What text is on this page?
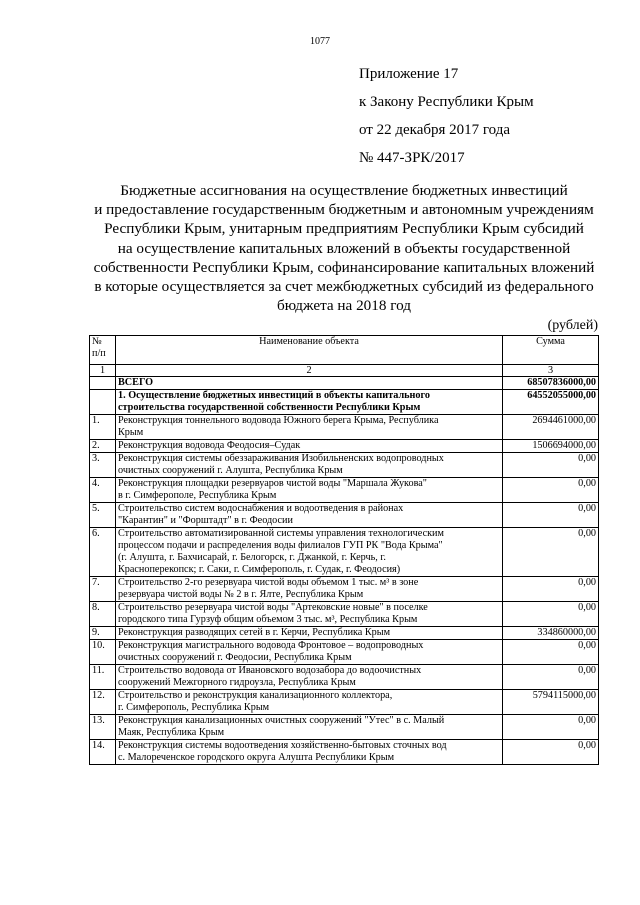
1077
Приложение 17
к Закону Республики Крым
от 22 декабря 2017 года
№ 447-ЗРК/2017
Бюджетные ассигнования на осуществление бюджетных инвестиций
и предоставление государственным бюджетным и автономным учреждениям
Республики Крым, унитарным предприятиям Республики Крым субсидий
на осуществление капитальных вложений в объекты государственной
собственности Республики Крым, софинансирование капитальных вложений
в которые осуществляется за счет межбюджетных субсидий из федерального
бюджета на 2018 год
(рублей)
№
п/п	Наименование объекта	Сумма
1	2	3
	ВСЕГО	68507836000,00

	1. Осуществление бюджетных инвестиций в объекты капитального
строительства государственной собственности Республики Крым	64552055000,00
1.	Реконструкция тоннельного водовода Южного берега Крыма, Республика
Крым	2694461000,00
2.	Реконструкция водовода Феодосия–Судак	1506694000,00
3.	Реконструкция системы обеззараживания Изобильненских водопроводных
очистных сооружений г. Алушта, Республика Крым	0,00
4.	Реконструкция площадки резервуаров чистой воды "Маршала Жукова"
в г. Симферополе, Республика Крым	0,00
5.	Строительство систем водоснабжения и водоотведения в районах
"Карантин" и "Форштадт" в г. Феодосии	0,00
6.	Строительство автоматизированной системы управления технологическим
процессом подачи и распределения воды филиалов ГУП РК "Вода Крыма"
(г. Алушта, г. Бахчисарай, г. Белогорск, г. Джанкой, г. Керчь, г.
Красноперекопск; г. Саки, г. Симферополь, г. Судак, г. Феодосия)	0,00
7.	Строительство 2-го резервуара чистой воды объемом 1 тыс. м³ в зоне
резервуара чистой воды № 2 в г. Ялте, Республика Крым	0,00
8.	Строительство резервуара чистой воды "Артековские новые" в поселке
городского типа Гурзуф общим объемом 3 тыс. м³, Республика Крым	0,00
9.	Реконструкция разводящих сетей в г. Керчи, Республика Крым	334860000,00
10.	Реконструкция магистрального водовода Фронтовое – водопроводных
очистных сооружений г. Феодосии, Республика Крым	0,00
11.	Строительство водовода от Ивановского водозабора до водоочистных
сооружений Межгорного гидроузла, Республика Крым	0,00
12.	Строительство и реконструкция канализационного коллектора,
г. Симферополь, Республика Крым	5794115000,00
13.	Реконструкция канализационных очистных сооружений "Утес" в с. Малый
Маяк, Республика Крым	0,00
14.	Реконструкция системы водоотведения хозяйственно-бытовых сточных вод
с. Малореченское городского округа Алушта Республики Крым	0,00
